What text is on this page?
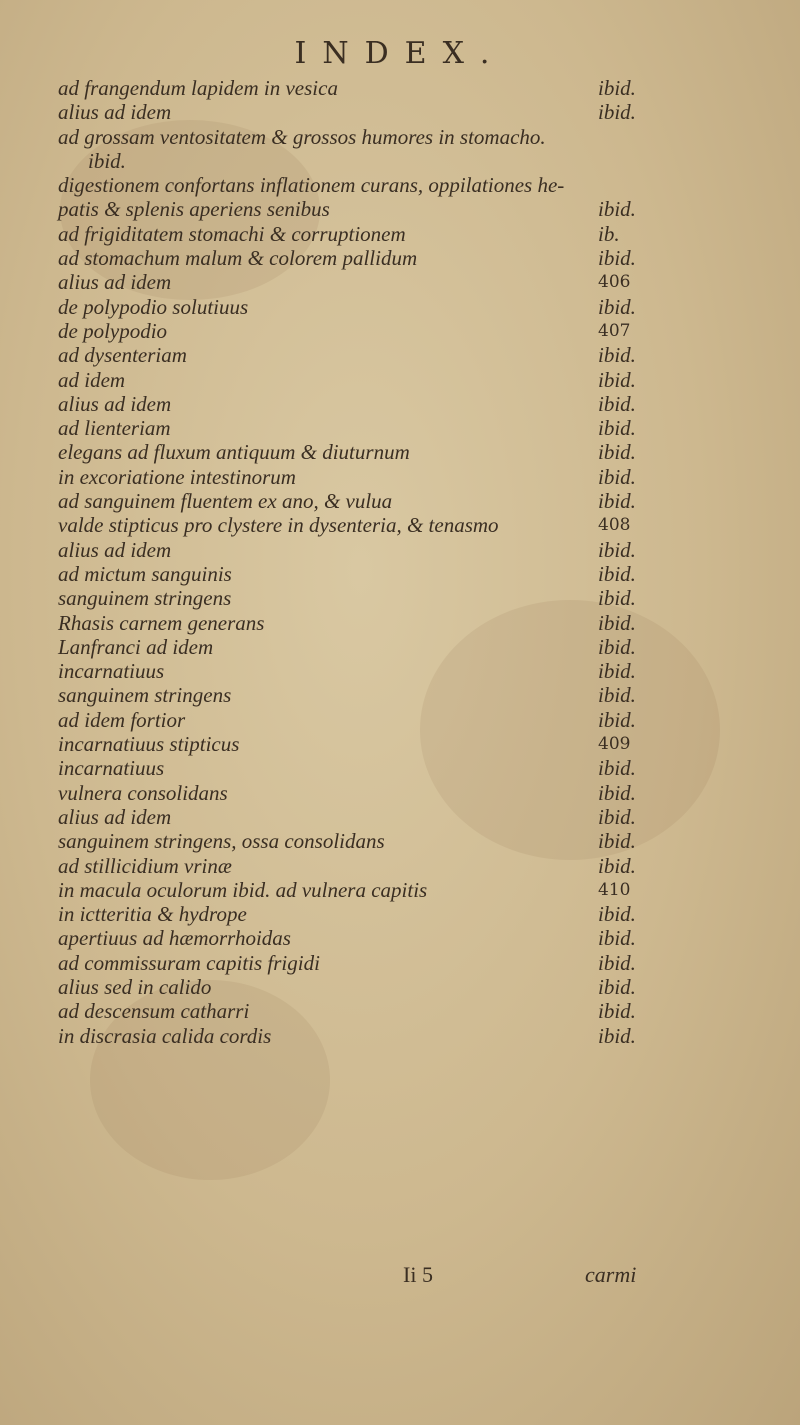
INDEX.
ad frangendum lapidem in vesica	ibid.
alius ad idem	ibid.
ad grossam ventositatem & grossos humores in stomacho.
ibid.
digestionem confortans inflationem curans, oppilationes he-
patis & splenis aperiens senibus	ibid.
ad frigiditatem stomachi & corruptionem	ib.
ad stomachum malum & colorem pallidum	ibid.
alius ad idem	406
de polypodio solutiuus	ibid.
de polypodio	407
ad dysenteriam	ibid.
ad idem	ibid.
alius ad idem	ibid.
ad lienteriam	ibid.
elegans ad fluxum antiquum & diuturnum	ibid.
in excoriatione intestinorum	ibid.
ad sanguinem fluentem ex ano, & vulua	ibid.
valde stipticus pro clystere in dysenteria, & tenasmo	408
alius ad idem	ibid.
ad mictum sanguinis	ibid.
sanguinem stringens	ibid.
Rhasis carnem generans	ibid.
Lanfranci ad idem	ibid.
incarnatiuus	ibid.
sanguinem stringens	ibid.
ad idem fortior	ibid.
incarnatiuus stipticus	409
incarnatiuus	ibid.
vulnera consolidans	ibid.
alius ad idem	ibid.
sanguinem stringens, ossa consolidans	ibid.
ad stillicidium vrinæ	ibid.
in macula oculorum ibid. ad vulnera capitis	410
in ictteritia & hydrope	ibid.
apertiuus ad hæmorrhoidas	ibid.
ad commissuram capitis frigidi	ibid.
alius sed in calido	ibid.
ad descensum catharri	ibid.
in discrasia calida cordis	ibid.
Ii 5	carmi
